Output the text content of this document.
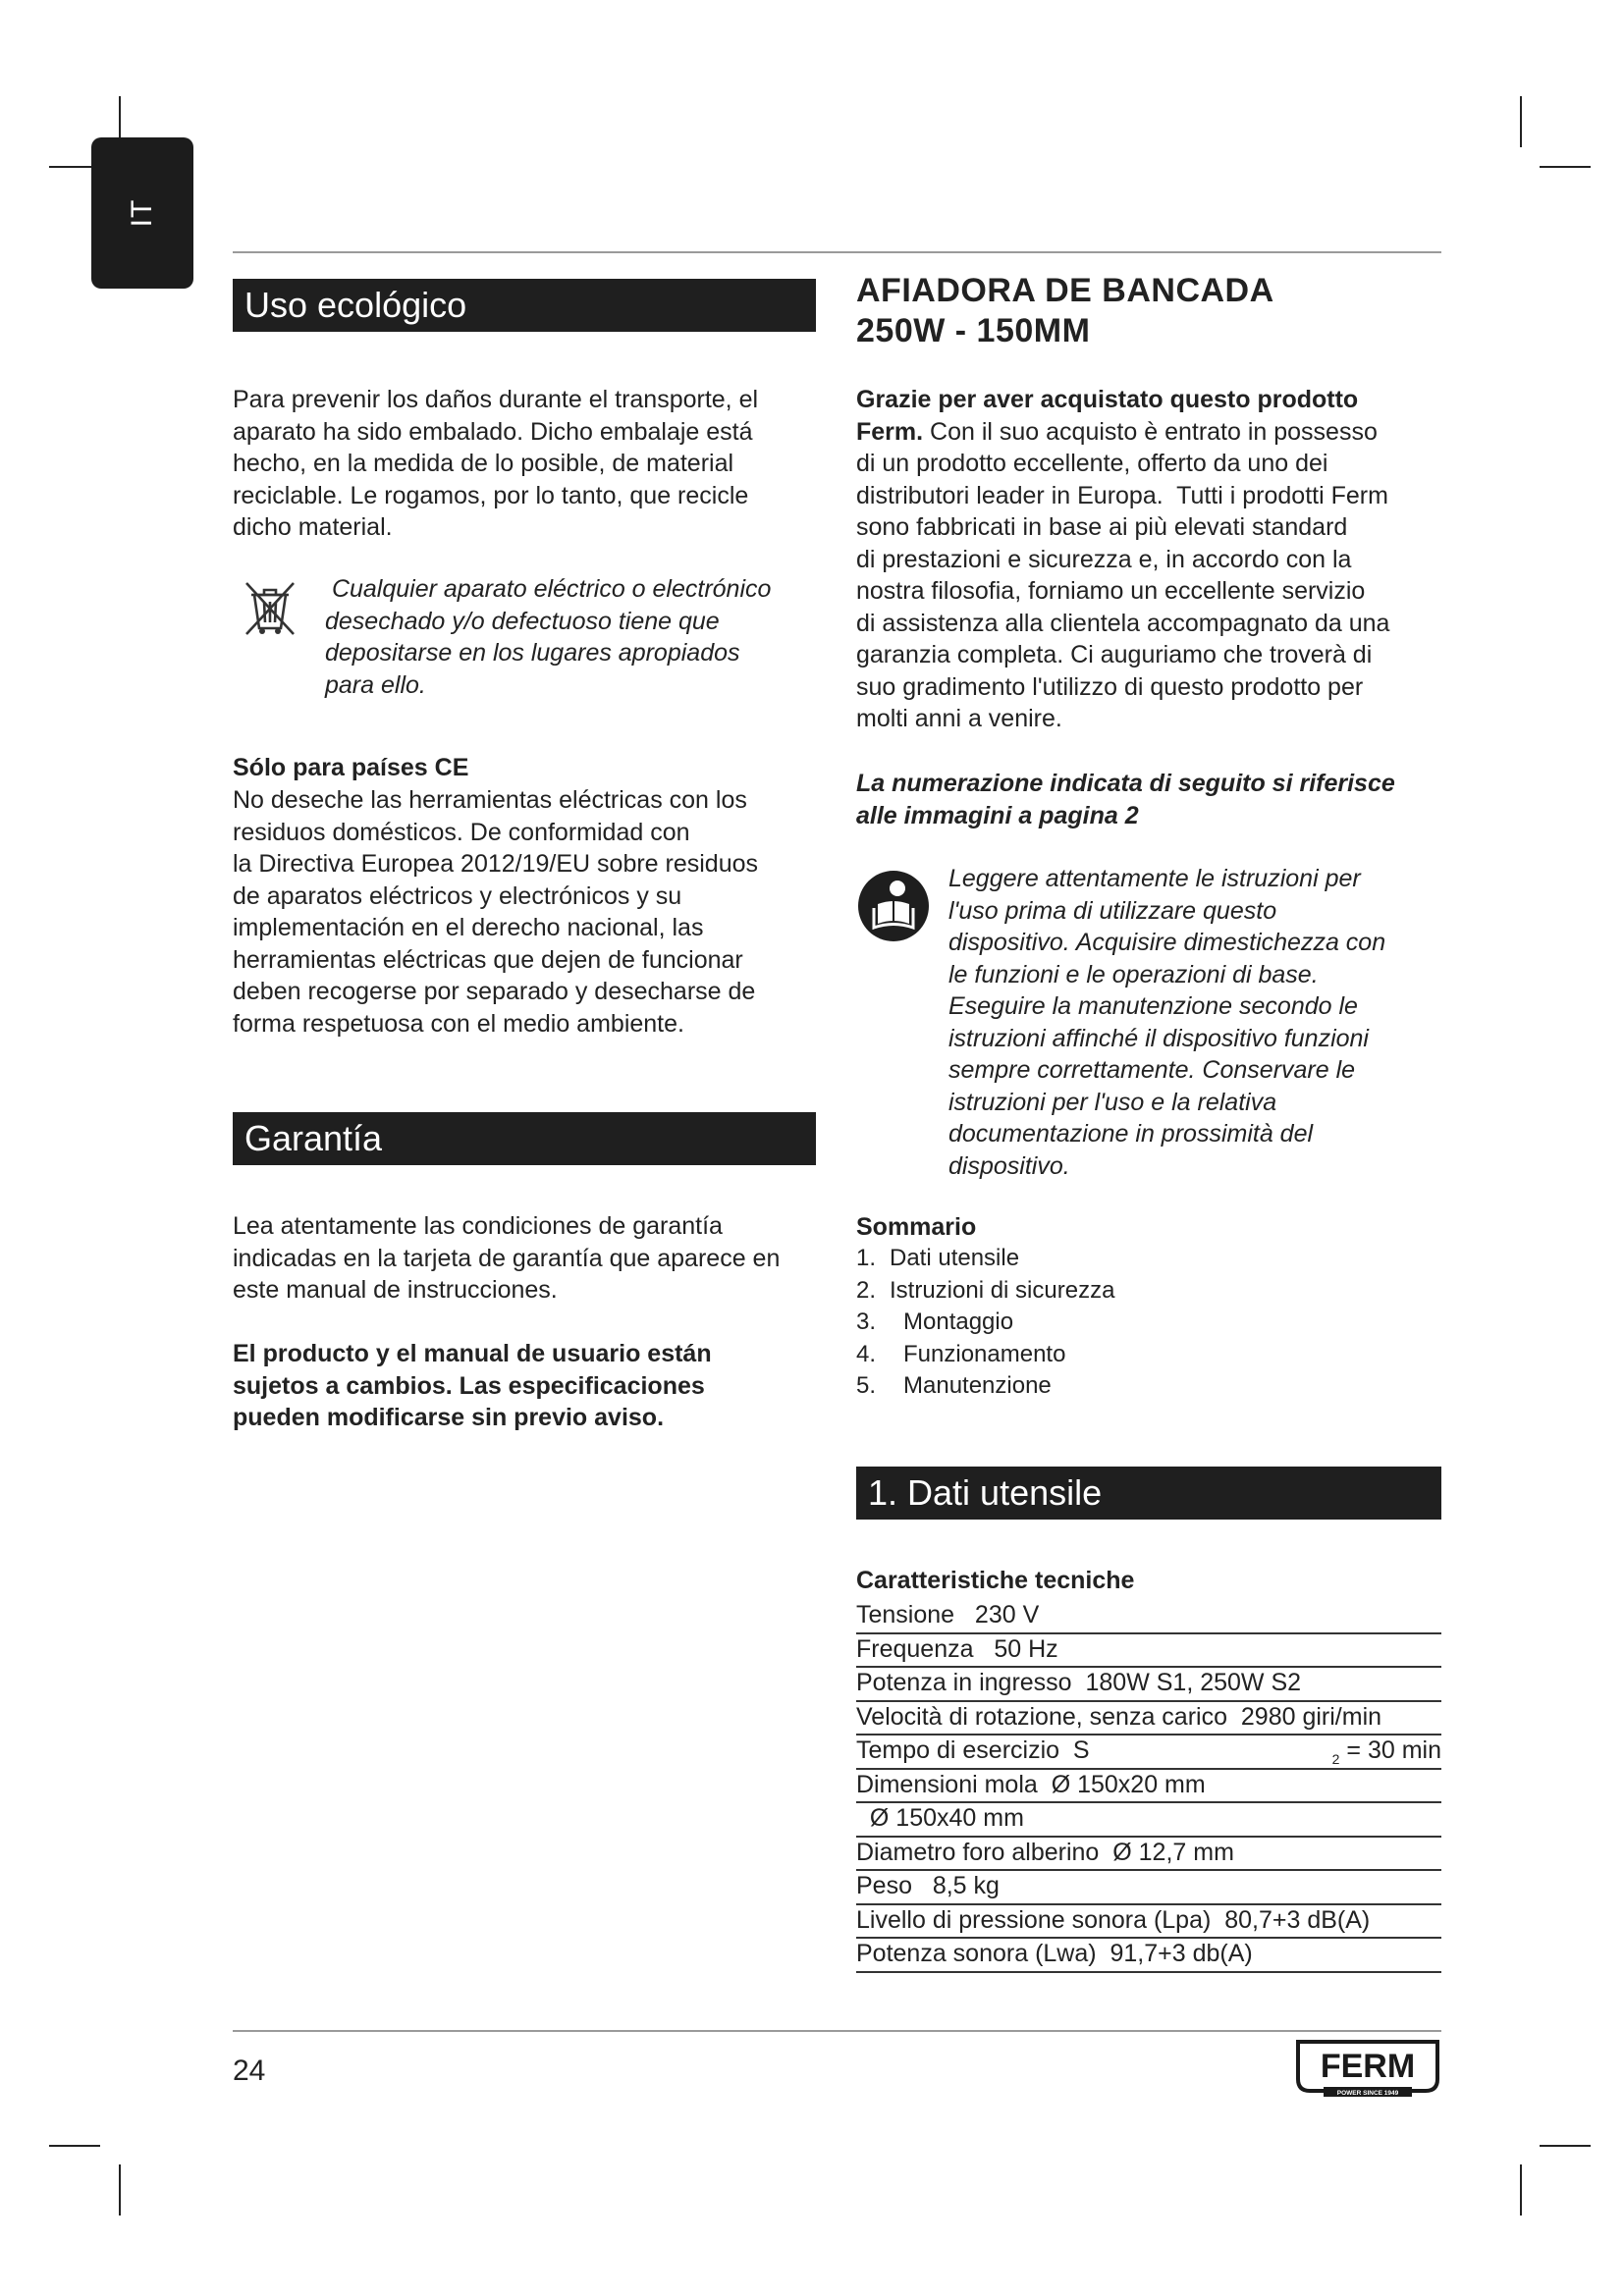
IT
Uso ecológico
Para prevenir los daños durante el transporte, el
aparato ha sido embalado. Dicho embalaje está
hecho, en la medida de lo posible, de material
reciclable. Le rogamos, por lo tanto, que recicle
dicho material.
Cualquier aparato eléctrico o electrónico
desechado y/o defectuoso tiene que
depositarse en los lugares apropiados
para ello.
Sólo para países CE
No deseche las herramientas eléctricas con los
residuos domésticos. De conformidad con
la Directiva Europea 2012/19/EU sobre residuos
de aparatos eléctricos y electrónicos y su
implementación en el derecho nacional, las
herramientas eléctricas que dejen de funcionar
deben recogerse por separado y desecharse de
forma respetuosa con el medio ambiente.
Garantía
Lea atentamente las condiciones de garantía
indicadas en la tarjeta de garantía que aparece en
este manual de instrucciones.
El producto y el manual de usuario están
sujetos a cambios. Las especificaciones
pueden modificarse sin previo aviso.
AFIADORA DE BANCADA
250W - 150MM
Grazie per aver acquistato questo prodotto
Ferm. Con il suo acquisto è entrato in possesso
di un prodotto eccellente, offerto da uno dei
distributori leader in Europa.  Tutti i prodotti Ferm
sono fabbricati in base ai più elevati standard
di prestazioni e sicurezza e, in accordo con la
nostra filosofia, forniamo un eccellente servizio
di assistenza alla clientela accompagnato da una
garanzia completa. Ci auguriamo che troverà di
suo gradimento l'utilizzo di questo prodotto per
molti anni a venire.
La numerazione indicata di seguito si riferisce
alle immagini a pagina 2
Leggere attentamente le istruzioni per
l'uso prima di utilizzare questo
dispositivo. Acquisire dimestichezza con
le funzioni e le operazioni di base.
Eseguire la manutenzione secondo le
istruzioni affinché il dispositivo funzioni
sempre correttamente. Conservare le
istruzioni per l'uso e la relativa
documentazione in prossimità del
dispositivo.
Sommario
1. Dati utensile
2. Istruzioni di sicurezza
3. Montaggio
4. Funzionamento
5. Manutenzione
1. Dati utensile
Caratteristiche tecniche
Tensione 230 V
Frequenza 50 Hz
Potenza in ingresso 180W S1, 250W S2
Velocità di rotazione, senza carico 2980 giri/min
Tempo di esercizio  S	$_2$ = 30 min
Dimensioni mola Ø 150x20 mm
Ø 150x40 mm
Diametro foro alberino Ø 12,7 mm
Peso 8,5 kg
Livello di pressione sonora (Lpa) 80,7+3 dB(A)
Potenza sonora (Lwa) 91,7+3 db(A)
24	FERM
POWER SINCE 1949
